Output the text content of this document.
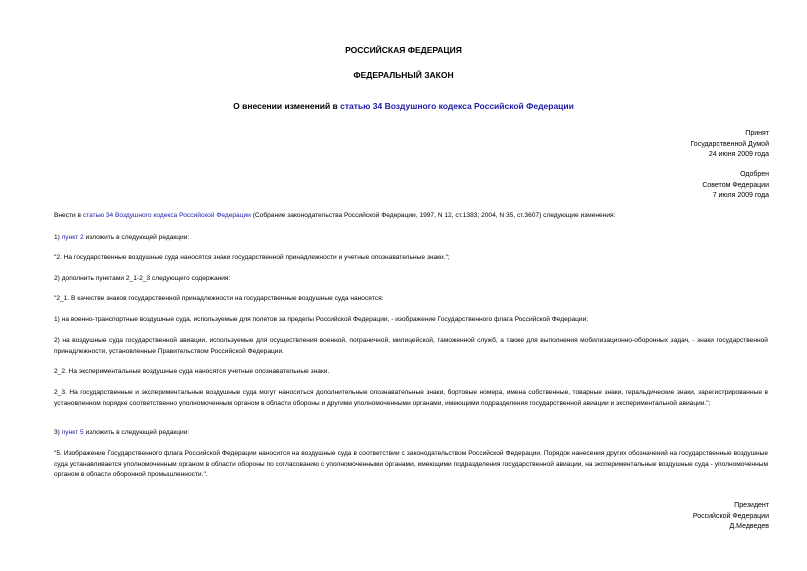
РОССИЙСКАЯ ФЕДЕРАЦИЯ
ФЕДЕРАЛЬНЫЙ ЗАКОН
О внесении изменений в статью 34 Воздушного кодекса Российской Федерации
Принят
Государственной Думой
24 июня 2009 года
Одобрен
Советом Федерации
7 июля 2009 года
Внести в статью 34 Воздушного кодекса Российской Федерации (Собрание законодательства Российской Федерации, 1997, N 12, ст.1383; 2004, N 35, ст.3607) следующие изменения:
1) пункт 2 изложить в следующей редакции:
"2. На государственные воздушные суда наносятся знаки государственной принадлежности и учетные опознавательные знаки.";
2) дополнить пунктами 2_1-2_3 следующего содержания:
"2_1. В качестве знаков государственной принадлежности на государственные воздушные суда наносятся:
1) на военно-транспортные воздушные суда, используемые для полетов за пределы Российской Федерации, - изображение Государственного флага Российской Федерации;
2) на воздушные суда государственной авиации, используемые для осуществления военной, пограничной, милицейской, таможенной служб, а также для выполнения мобилизационно-оборонных задач, - знаки государственной принадлежности, установленные Правительством Российской Федерации.
2_2. На экспериментальные воздушные суда наносятся учетные опознавательные знаки.
2_3. На государственные и экспериментальные воздушные суда могут наноситься дополнительные опознавательные знаки, бортовые номера, имена собственные, товарные знаки, геральдические знаки, зарегистрированные в установленном порядке соответственно уполномоченным органом в области обороны и другими уполномоченными органами, имеющими подразделения государственной авиации и экспериментальной авиации.";
3) пункт 5 изложить в следующей редакции:
"5. Изображение Государственного флага Российской Федерации наносится на воздушные суда в соответствии с законодательством Российской Федерации. Порядок нанесения других обозначений на государственные воздушные суда устанавливается уполномоченным органом в области обороны по согласованию с уполномоченными органами, имеющими подразделения государственной авиации, на экспериментальные воздушные суда - уполномоченным органом в области оборонной промышленности.".
Президент
Российской Федерации
Д.Медведев
